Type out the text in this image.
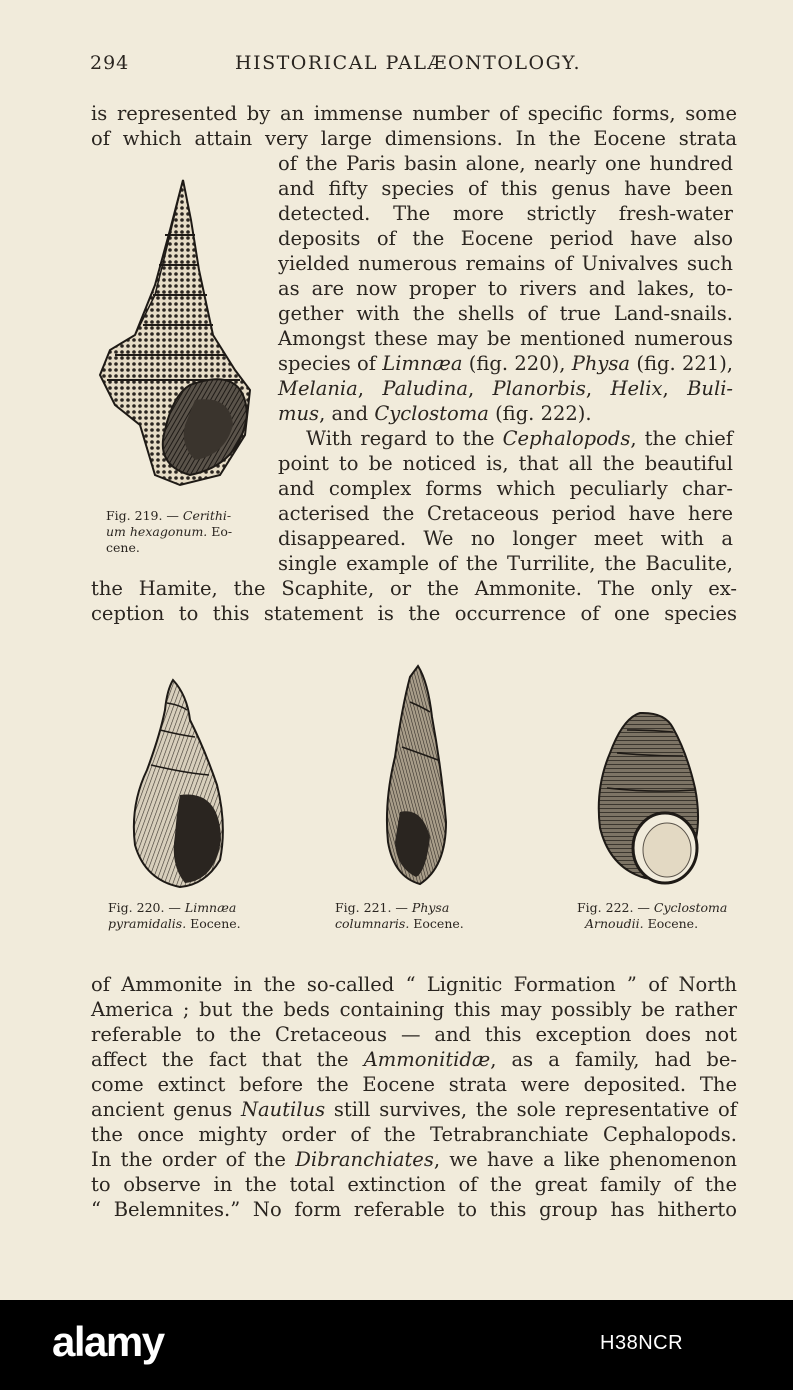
294	HISTORICAL PALÆONTOLOGY.
is represented by an immense number of specific forms, some
of which attain very large dimensions. In the Eocene strata
of the Paris basin alone, nearly one hundred
and fifty species of this genus have been
detected. The more strictly fresh-water
deposits of the Eocene period have also
yielded numerous remains of Univalves such
as are now proper to rivers and lakes, to-
gether with the shells of true Land-snails.
Amongst these may be mentioned numerous
species of Limnæa (fig. 220), Physa (fig. 221),
Melania, Paludina, Planorbis, Helix, Buli-
mus, and Cyclostoma (fig. 222).
With regard to the Cephalopods, the chief
point to be noticed is, that all the beautiful
and complex forms which peculiarly char-
acterised the Cretaceous period have here
disappeared. We no longer meet with a
single example of the Turrilite, the Baculite,
the Hamite, the Scaphite, or the Ammonite. The only ex-
ception to this statement is the occurrence of one species
Fig. 219. — Cerithi-
um hexagonum. Eo-
cene.
Fig. 220. — Limnæa
pyramidalis. Eocene.
Fig. 221. — Physa
columnaris. Eocene.
Fig. 222. — Cyclostoma
Arnoudii. Eocene.
of Ammonite in the so-called “ Lignitic Formation ” of North
America ; but the beds containing this may possibly be rather
referable to the Cretaceous — and this exception does not
affect the fact that the Ammonitidæ, as a family, had be-
come extinct before the Eocene strata were deposited. The
ancient genus Nautilus still survives, the sole representative of
the once mighty order of the Tetrabranchiate Cephalopods.
In the order of the Dibranchiates, we have a like phenomenon
to observe in the total extinction of the great family of the
“ Belemnites.” No form referable to this group has hitherto
alamy	H38NCR
